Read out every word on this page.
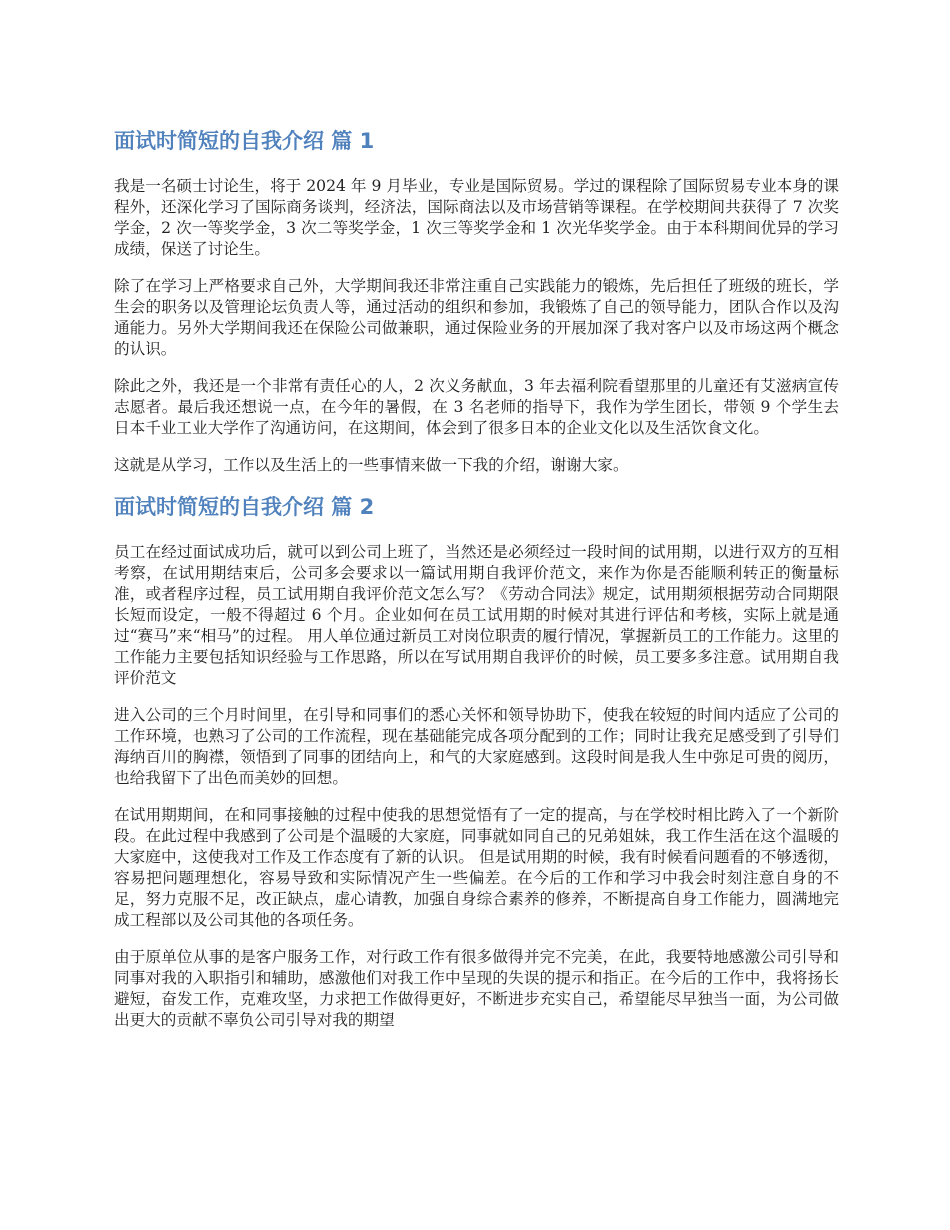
面试时简短的自我介绍 篇 1

我是一名硕士讨论生，将于 2024 年 9 月毕业，专业是国际贸易。学过的课程除了国际贸易专业本身的课程外，还深化学习了国际商务谈判，经济法，国际商法以及市场营销等课程。在学校期间共获得了 7 次奖学金，2 次一等奖学金，3 次二等奖学金，1 次三等奖学金和 1 次光华奖学金。由于本科期间优异的学习成绩，保送了讨论生。

除了在学习上严格要求自己外，大学期间我还非常注重自己实践能力的锻炼，先后担任了班级的班长，学生会的职务以及管理论坛负责人等，通过活动的组织和参加，我锻炼了自己的领导能力，团队合作以及沟通能力。另外大学期间我还在保险公司做兼职，通过保险业务的开展加深了我对客户以及市场这两个概念的认识。

除此之外，我还是一个非常有责任心的人，2 次义务献血，3 年去福利院看望那里的儿童还有艾滋病宣传志愿者。最后我还想说一点，在今年的暑假，在 3 名老师的指导下，我作为学生团长，带领 9 个学生去日本千业工业大学作了沟通访问，在这期间，体会到了很多日本的企业文化以及生活饮食文化。

这就是从学习，工作以及生活上的一些事情来做一下我的介绍，谢谢大家。

面试时简短的自我介绍 篇 2

员工在经过面试成功后，就可以到公司上班了，当然还是必须经过一段时间的试用期，以进行双方的互相考察，在试用期结束后，公司多会要求以一篇试用期自我评价范文，来作为你是否能顺利转正的衡量标准，或者程序过程，员工试用期自我评价范文怎么写？《劳动合同法》规定，试用期须根据劳动合同期限长短而设定，一般不得超过 6 个月。企业如何在员工试用期的时候对其进行评估和考核，实际上就是通过“赛马”来“相马”的过程。 用人单位通过新员工对岗位职责的履行情况，掌握新员工的工作能力。这里的工作能力主要包括知识经验与工作思路，所以在写试用期自我评价的时候，员工要多多注意。试用期自我评价范文

进入公司的三个月时间里，在引导和同事们的悉心关怀和领导协助下，使我在较短的时间内适应了公司的工作环境，也熟习了公司的工作流程，现在基础能完成各项分配到的工作；同时让我充足感受到了引导们海纳百川的胸襟，领悟到了同事的团结向上，和气的大家庭感到。这段时间是我人生中弥足可贵的阅历，也给我留下了出色而美妙的回想。

在试用期期间，在和同事接触的过程中使我的思想觉悟有了一定的提高，与在学校时相比跨入了一个新阶段。在此过程中我感到了公司是个温暖的大家庭，同事就如同自己的兄弟姐妹，我工作生活在这个温暖的大家庭中，这使我对工作及工作态度有了新的认识。 但是试用期的时候，我有时候看问题看的不够透彻，容易把问题理想化，容易导致和实际情况产生一些偏差。在今后的工作和学习中我会时刻注意自身的不足，努力克服不足，改正缺点，虚心请教，加强自身综合素养的修养，不断提高自身工作能力，圆满地完成工程部以及公司其他的各项任务。

由于原单位从事的是客户服务工作，对行政工作有很多做得并完不完美，在此，我要特地感激公司引导和同事对我的入职指引和辅助，感激他们对我工作中呈现的失误的提示和指正。在今后的工作中，我将扬长避短，奋发工作，克难攻坚，力求把工作做得更好，不断进步充实自己，希望能尽早独当一面，为公司做出更大的贡献不辜负公司引导对我的期望
